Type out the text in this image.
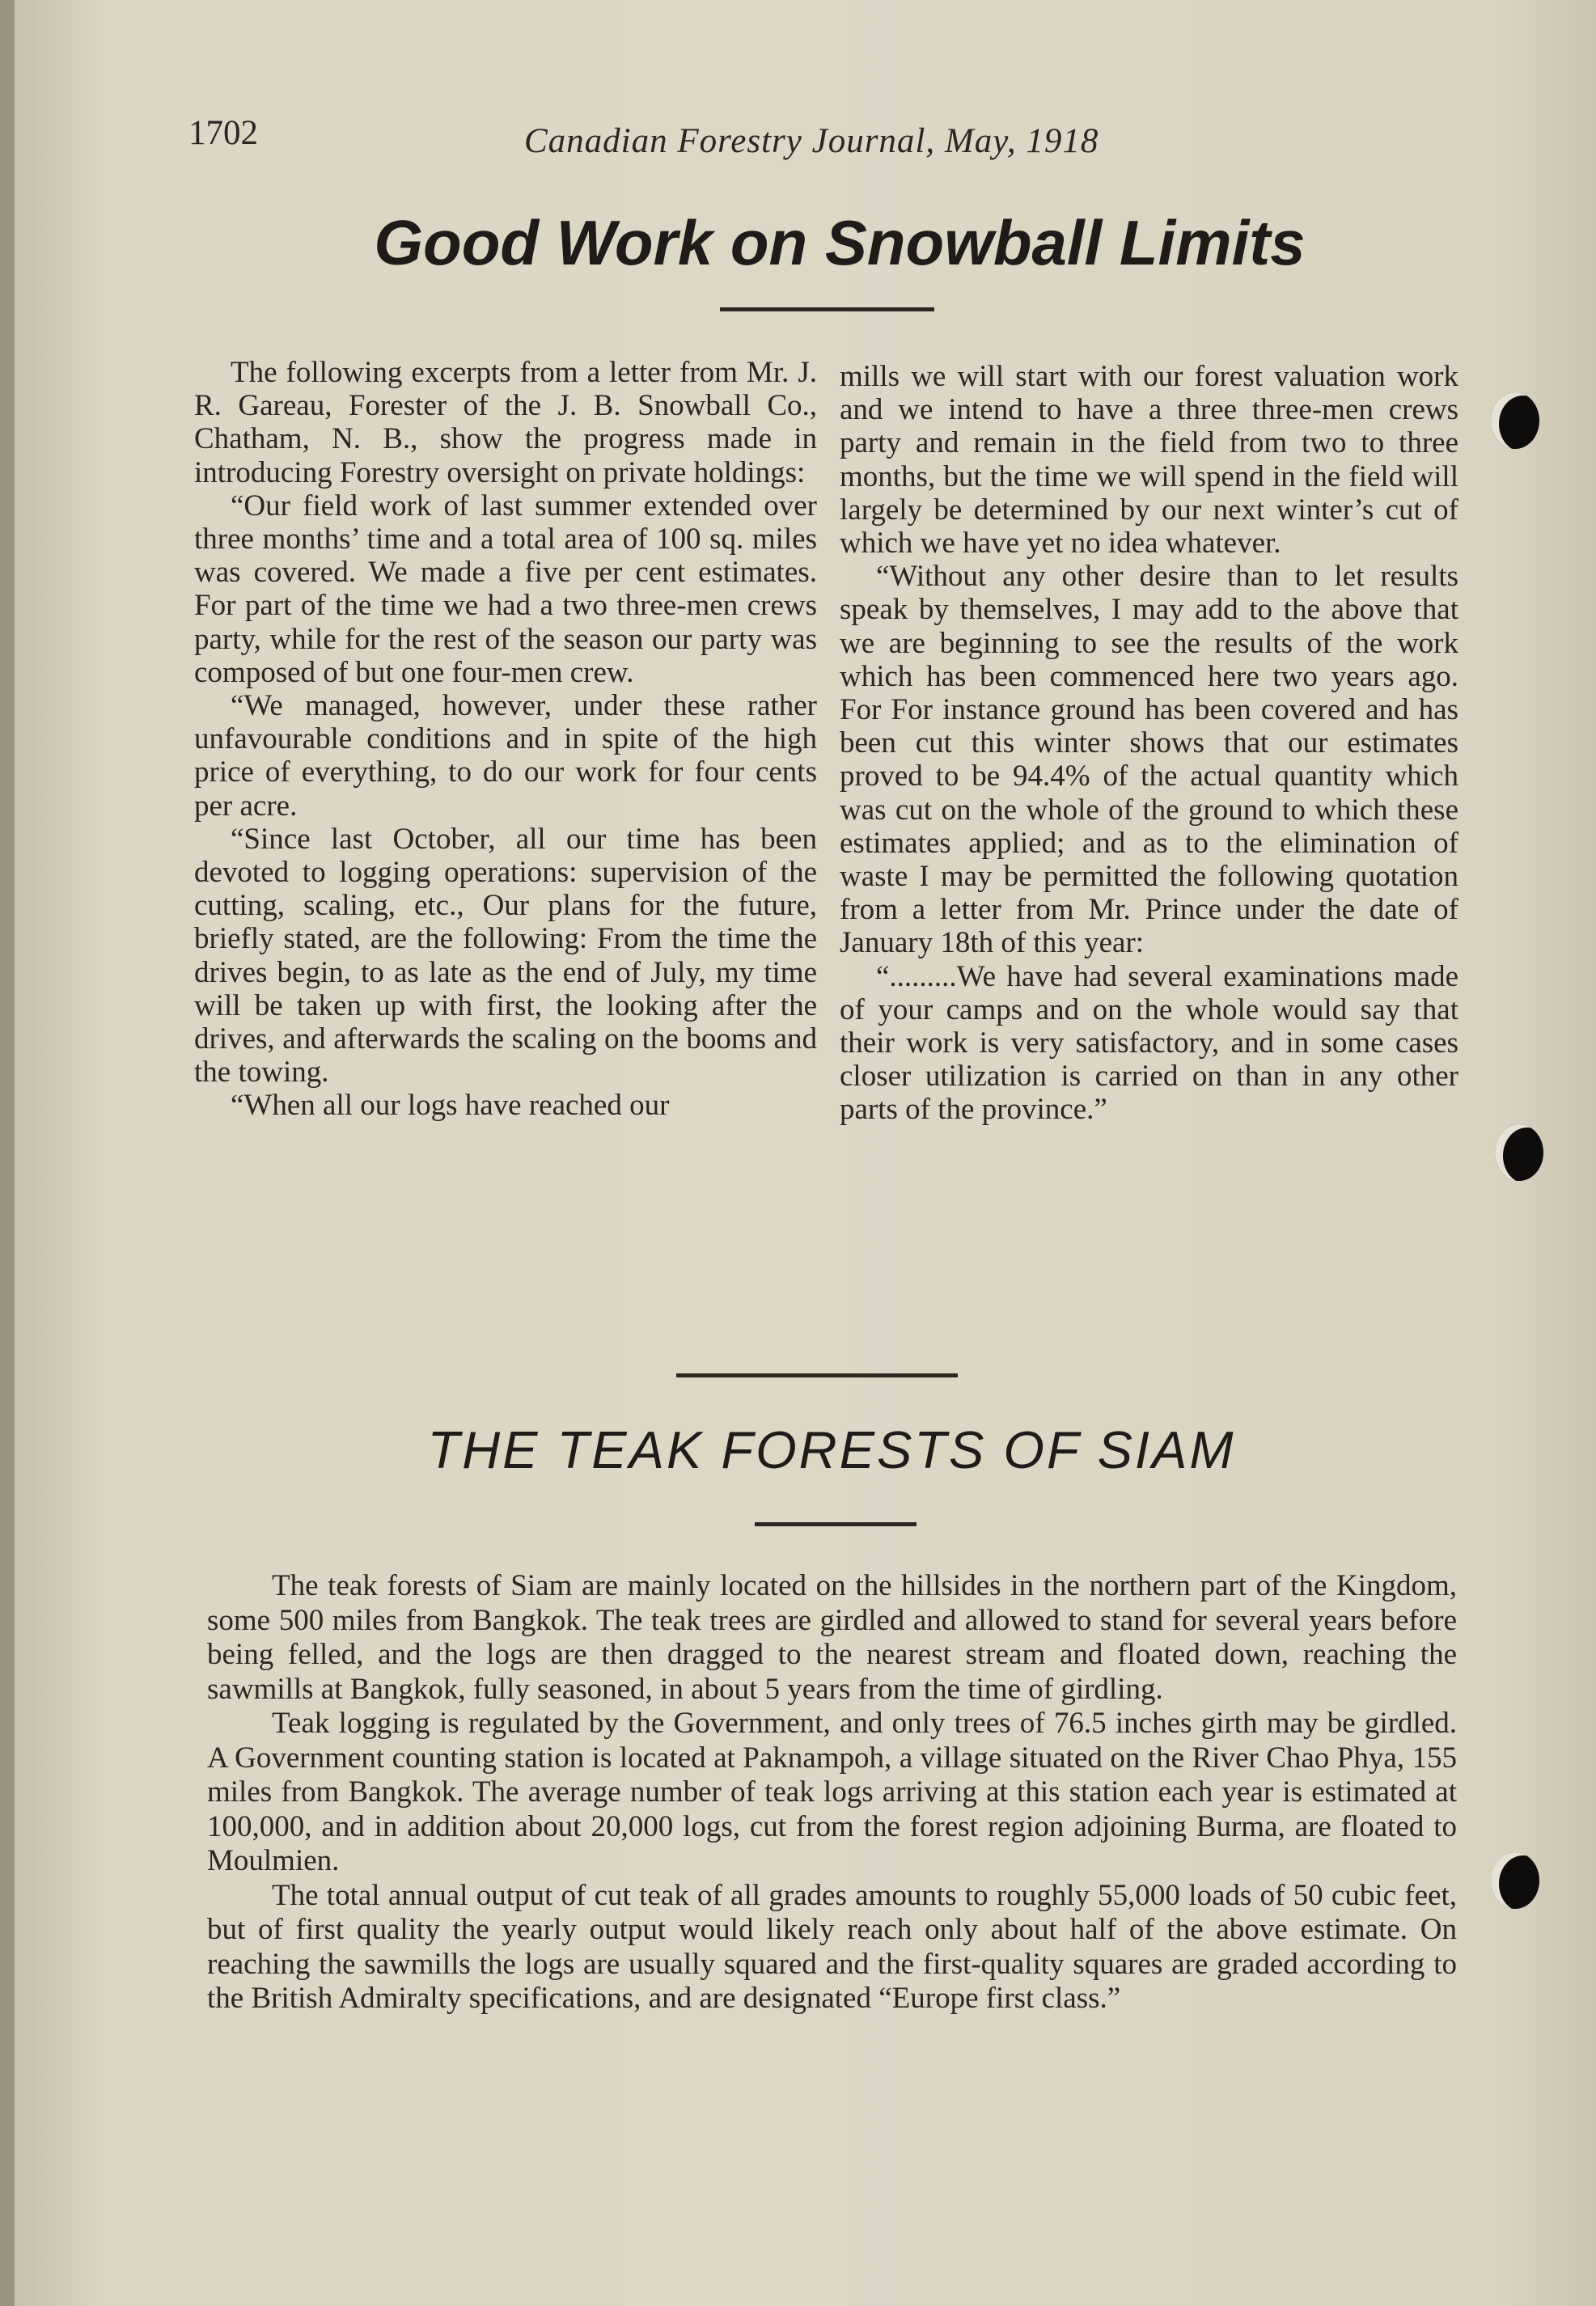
1702	Canadian Forestry Journal, May, 1918
Good Work on Snowball Limits

The following excerpts from a letter from Mr. J. R. Gareau, Forester of the J. B. Snowball Co., Chatham, N. B., show the progress made in introducing Forestry oversight on private holdings:

“Our field work of last summer extended over three months’ time and a total area of 100 sq. miles was covered. We made a five per cent estimates. For part of the time we had a two three-men crews party, while for the rest of the season our party was composed of but one four-men crew.

“We managed, however, under these rather unfavourable conditions and in spite of the high price of everything, to do our work for four cents per acre.

“Since last October, all our time has been devoted to logging operations: supervision of the cutting, scaling, etc., Our plans for the future, briefly stated, are the following: From the time the drives begin, to as late as the end of July, my time will be taken up with first, the looking after the drives, and afterwards the scaling on the booms and the towing.

“When all our logs have reached our

mills we will start with our forest valuation work and we intend to have a three three-men crews party and remain in the field from two to three months, but the time we will spend in the field will largely be determined by our next winter’s cut of which we have yet no idea whatever.

“Without any other desire than to let results speak by themselves, I may add to the above that we are beginning to see the results of the work which has been commenced here two years ago. For For instance ground has been covered and has been cut this winter shows that our estimates proved to be 94.4% of the actual quantity which was cut on the whole of the ground to which these estimates applied; and as to the elimination of waste I may be permitted the following quotation from a letter from Mr. Prince under the date of January 18th of this year:

“.........We have had several examinations made of your camps and on the whole would say that their work is very satisfactory, and in some cases closer utilization is carried on than in any other parts of the province.”

THE TEAK FORESTS OF SIAM

The teak forests of Siam are mainly located on the hillsides in the northern part of the Kingdom, some 500 miles from Bangkok. The teak trees are girdled and allowed to stand for several years before being felled, and the logs are then dragged to the nearest stream and floated down, reaching the sawmills at Bangkok, fully seasoned, in about 5 years from the time of girdling.

Teak logging is regulated by the Government, and only trees of 76.5 inches girth may be girdled. A Government counting station is located at Paknampoh, a village situated on the River Chao Phya, 155 miles from Bangkok. The average number of teak logs arriving at this station each year is estimated at 100,000, and in addition about 20,000 logs, cut from the forest region adjoining Burma, are floated to Moulmien.

The total annual output of cut teak of all grades amounts to roughly 55,000 loads of 50 cubic feet, but of first quality the yearly output would likely reach only about half of the above estimate. On reaching the sawmills the logs are usually squared and the first-quality squares are graded according to the British Admiralty specifications, and are designated “Europe first class.”
